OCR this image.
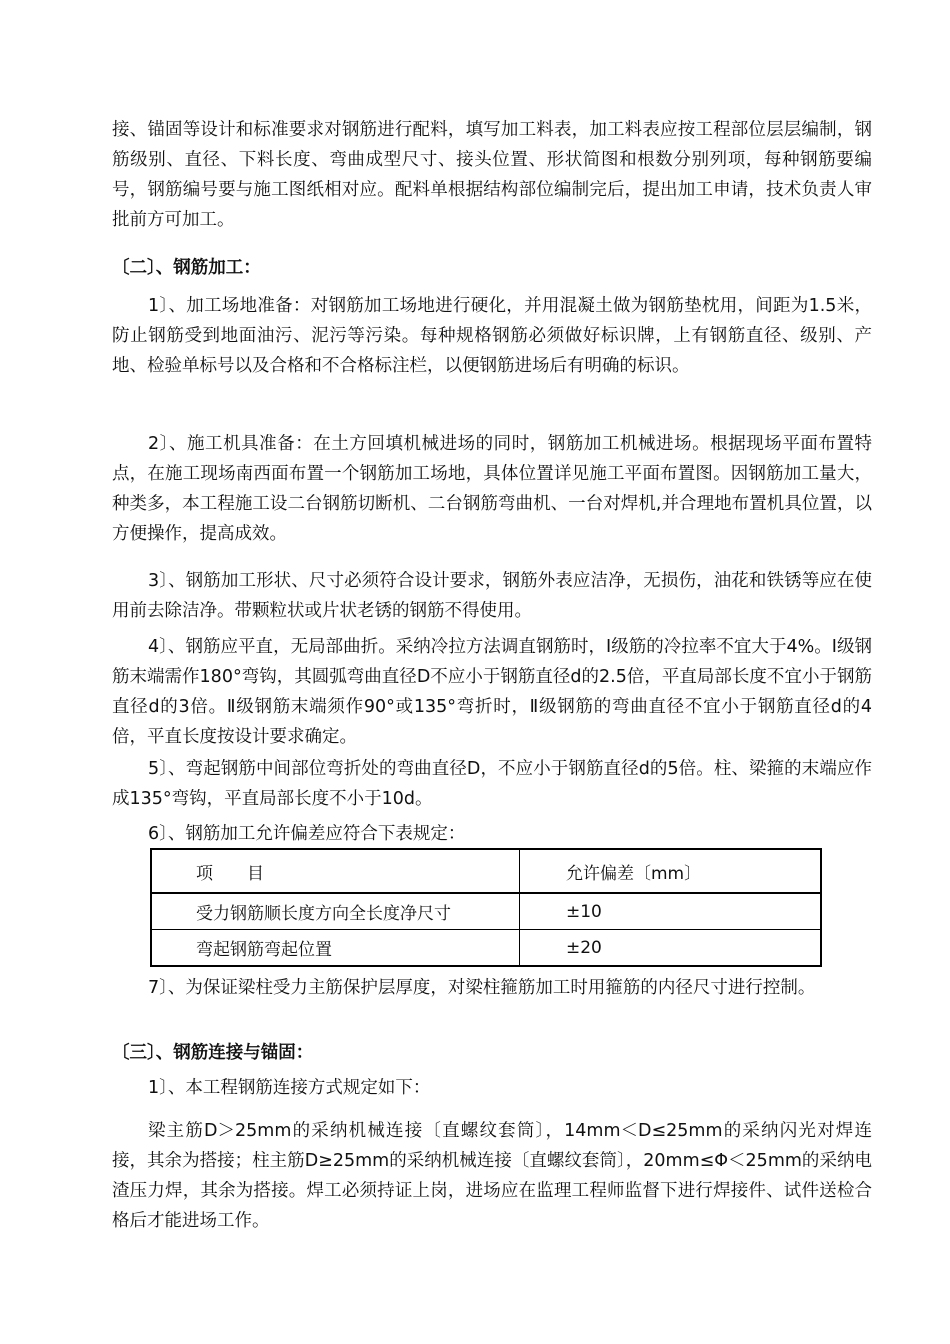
接、锚固等设计和标准要求对钢筋进行配料，填写加工料表，加工料表应按工程部位层层编制，钢筋级别、直径、下料长度、弯曲成型尺寸、接头位置、形状简图和根数分别列项，每种钢筋要编号，钢筋编号要与施工图纸相对应。配料单根据结构部位编制完后，提出加工申请，技术负责人审批前方可加工。

〔二〕、钢筋加工：

1〕、加工场地准备：对钢筋加工场地进行硬化，并用混凝土做为钢筋垫枕用，间距为1.5米，防止钢筋受到地面油污、泥污等污染。每种规格钢筋必须做好标识牌，上有钢筋直径、级别、产地、检验单标号以及合格和不合格标注栏，以便钢筋进场后有明确的标识。

2〕、施工机具准备：在土方回填机械进场的同时，钢筋加工机械进场。根据现场平面布置特点，在施工现场南西面布置一个钢筋加工场地，具体位置详见施工平面布置图。因钢筋加工量大，种类多，本工程施工设二台钢筋切断机、二台钢筋弯曲机、一台对焊机,并合理地布置机具位置，以方便操作，提高成效。

3〕、钢筋加工形状、尺寸必须符合设计要求，钢筋外表应洁净，无损伤，油花和铁锈等应在使用前去除洁净。带颗粒状或片状老锈的钢筋不得使用。

4〕、钢筋应平直，无局部曲折。采纳冷拉方法调直钢筋时，Ⅰ级筋的冷拉率不宜大于4%。Ⅰ级钢筋末端需作180°弯钩，其圆弧弯曲直径D不应小于钢筋直径d的2.5倍，平直局部长度不宜小于钢筋直径d的3倍。Ⅱ级钢筋末端须作90°或135°弯折时，Ⅱ级钢筋的弯曲直径不宜小于钢筋直径d的4倍，平直长度按设计要求确定。

5〕、弯起钢筋中间部位弯折处的弯曲直径D，不应小于钢筋直径d的5倍。柱、梁箍的末端应作成135°弯钩，平直局部长度不小于10d。

6〕、钢筋加工允许偏差应符合下表规定：

项　　目	允许偏差〔mm〕
受力钢筋顺长度方向全长度净尺寸	±10
弯起钢筋弯起位置	±20

7〕、为保证梁柱受力主筋保护层厚度，对梁柱箍筋加工时用箍筋的内径尺寸进行控制。

〔三〕、钢筋连接与锚固：

1〕、本工程钢筋连接方式规定如下：

梁主筋D＞25mm的采纳机械连接〔直螺纹套筒〕，14mm＜D≤25mm的采纳闪光对焊连接，其余为搭接；柱主筋D≥25mm的采纳机械连接〔直螺纹套筒〕，20mm≤Φ＜25mm的采纳电渣压力焊，其余为搭接。焊工必须持证上岗，进场应在监理工程师监督下进行焊接件、试件送检合格后才能进场工作。
